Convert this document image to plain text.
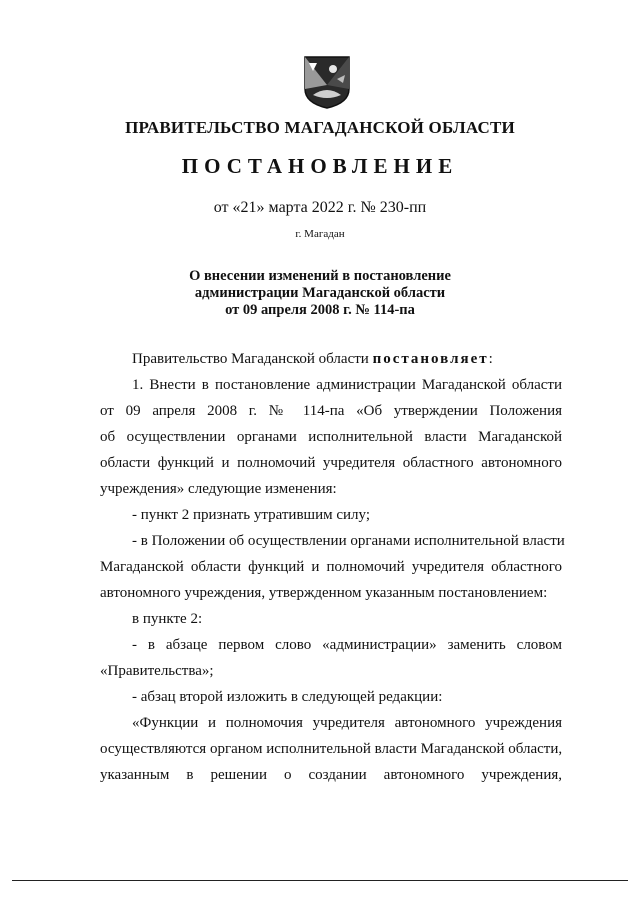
ПРАВИТЕЛЬСТВО МАГАДАНСКОЙ ОБЛАСТИ
ПОСТАНОВЛЕНИЕ
от «21» марта 2022 г. № 230-пп
г. Магадан
О внесении изменений в постановление
администрации Магаданской области
от 09 апреля 2008 г. № 114-па
Правительство Магаданской области постановляет:
1. Внести в постановление администрации Магаданской области
от 09 апреля 2008 г. № 114-па «Об утверждении Положения
об осуществлении органами исполнительной власти Магаданской
области функций и полномочий учредителя областного автономного
учреждения» следующие изменения:
- пункт 2 признать утратившим силу;
- в Положении об осуществлении органами исполнительной власти
Магаданской области функций и полномочий учредителя областного
автономного учреждения, утвержденном указанным постановлением:
в пункте 2:
- в абзаце первом слово «администрации» заменить словом
«Правительства»;
- абзац второй изложить в следующей редакции:
«Функции и полномочия учредителя автономного учреждения
осуществляются органом исполнительной власти Магаданской области,
указанным в решении о создании автономного учреждения,
